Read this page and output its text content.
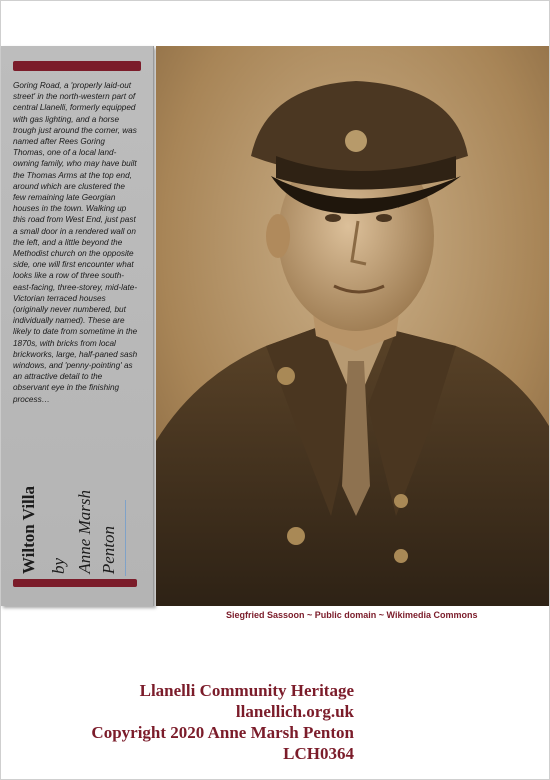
Goring Road, a 'properly laid-out street' in the north-western part of central Llanelli, formerly equipped with gas lighting, and a horse trough just around the corner, was named after Rees Goring Thomas, one of a local land-owning family, who may have built the Thomas Arms at the top end, around which are clustered the few remaining late Georgian houses in the town. Walking up this road from West End, just past a small door in a rendered wall on the left, and a little beyond the Methodist church on the opposite side, one will first encounter what looks like a row of three south-east-facing, three-storey, mid-late-Victorian terraced houses (originally never numbered, but individually named). These are likely to date from sometime in the 1870s, with bricks from local brickworks, large, half-paned sash windows, and 'penny-pointing' as an attractive detail to the observant eye in the finishing process…
Wilton Villa by Anne Marsh Penton
Siegfried Sassoon ~ Public domain ~ Wikimedia Commons
Llanelli Community Heritage
llanellich.org.uk
Copyright 2020 Anne Marsh Penton
LCH0364
